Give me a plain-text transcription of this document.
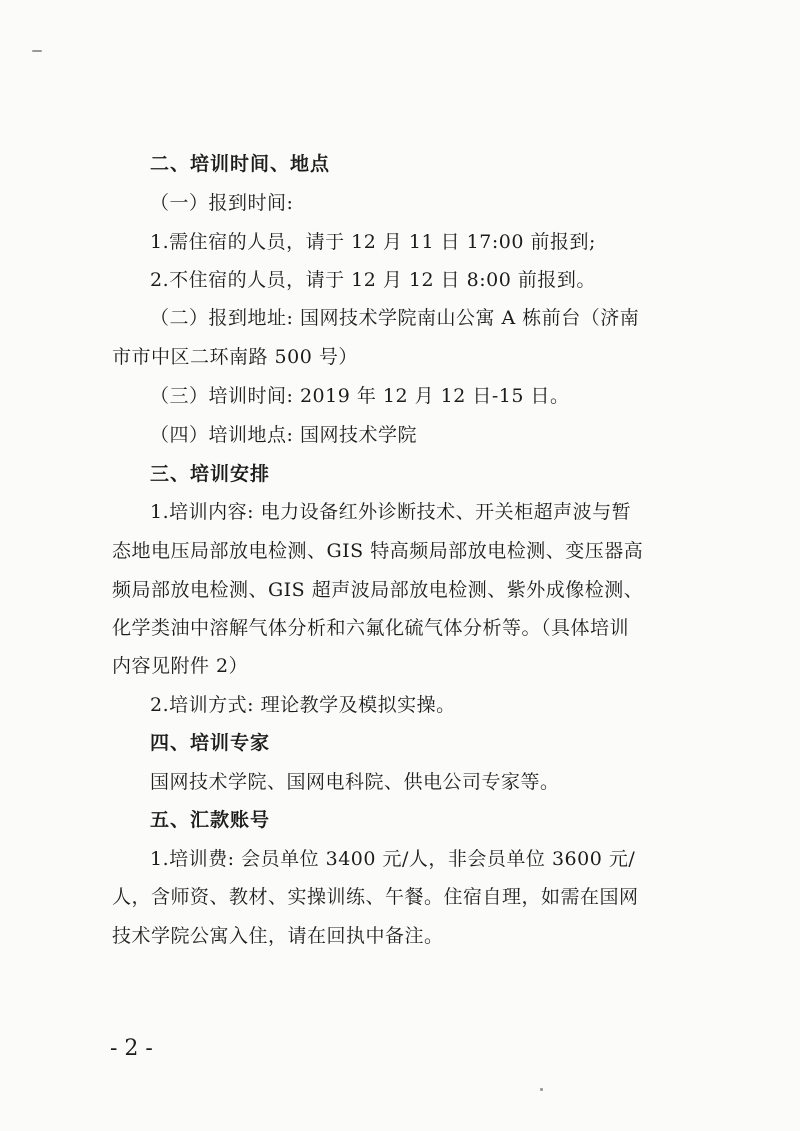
二、培训时间、地点
（一）报到时间:
1.需住宿的人员，请于 12 月 11 日 17:00 前报到;
2.不住宿的人员，请于 12 月 12 日 8:00 前报到。
（二）报到地址: 国网技术学院南山公寓 A 栋前台（济南
市市中区二环南路 500 号）
（三）培训时间: 2019 年 12 月 12 日-15 日。
（四）培训地点: 国网技术学院
三、培训安排
1.培训内容: 电力设备红外诊断技术、开关柜超声波与暂
态地电压局部放电检测、GIS 特高频局部放电检测、变压器高
频局部放电检测、GIS 超声波局部放电检测、紫外成像检测、
化学类油中溶解气体分析和六氟化硫气体分析等。（具体培训
内容见附件 2）
2.培训方式: 理论教学及模拟实操。
四、培训专家
国网技术学院、国网电科院、供电公司专家等。
五、汇款账号
1.培训费: 会员单位 3400 元/人，非会员单位 3600 元/
人，含师资、教材、实操训练、午餐。住宿自理，如需在国网
技术学院公寓入住，请在回执中备注。
- 2 -
